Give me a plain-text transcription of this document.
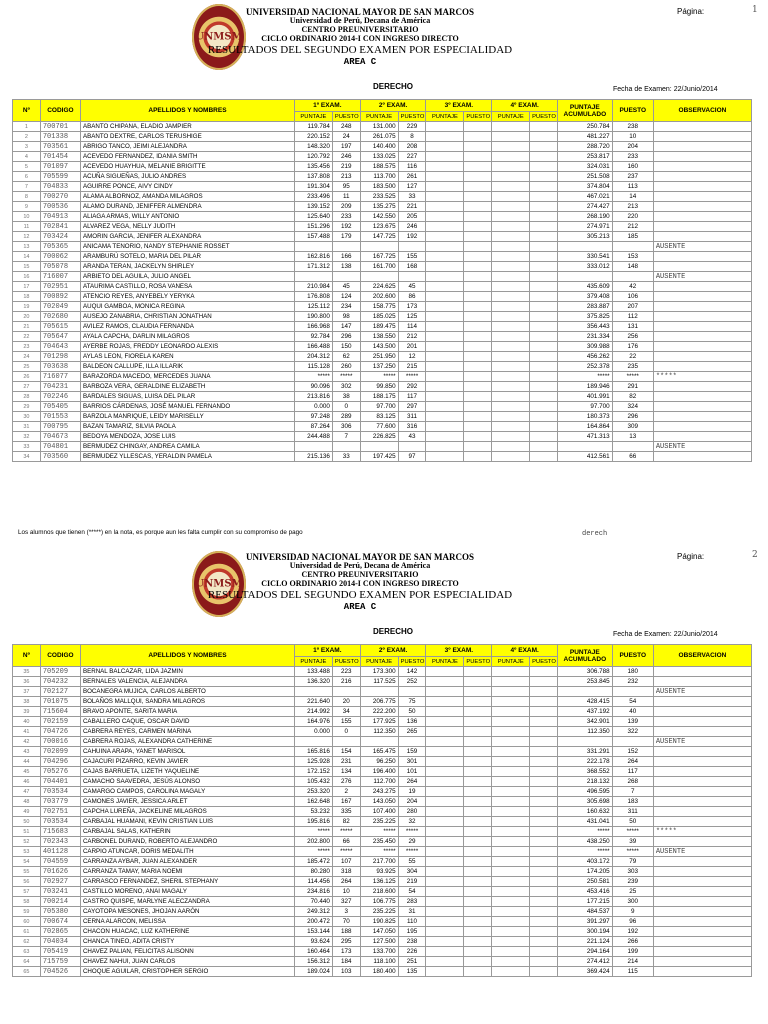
UNMSM
Página:	1
UNIVERSIDAD NACIONAL MAYOR DE SAN MARCOS
Universidad de Perú, Decana de América
CENTRO PREUNIVERSITARIO
CICLO ORDINARIO 2014-I CON INGRESO DIRECTO
RESULTADOS DEL SEGUNDO EXAMEN POR ESPECIALIDAD
AREA C
DERECHO	Fecha de Examen: 22/Junio/2014
Nº	CODIGO	APELLIDOS Y NOMBRES	1º EXAM.		2º EXAM.		3º EXAM.		4º EXAM.		PUNTAJE ACUMULADO	PUESTO	OBSERVACION
			PUNTAJE	PUESTO	PUNTAJE	PUESTO	PUNTAJE	PUESTO	PUNTAJE	PUESTO			
1	700701	ABANTO CHIPANA, ELADIO JAMPIER	119.784	248	131.000	229					250.784	238	
2	701338	ABANTO DEXTRE, CARLOS TERUSHIGE	220.152	24	261.075	8					481.227	10	
3	703561	ABRIGO TANCO, JEIMI ALEJANDRA	148.320	197	140.400	208					288.720	204	
4	701454	ACEVEDO FERNANDEZ, IDANIA SMITH	120.792	246	133.025	227					253.817	233	
5	701097	ACEVEDO HUAYHUA, MELANIE BRIGITTE	135.456	219	188.575	116					324.031	160	
6	705599	ACUÑA SIGUEÑAS, JULIO ANDRES	137.808	213	113.700	261					251.508	237	
7	704833	AGUIRRE PONCE, AIVY CINDY	191.304	95	183.500	127					374.804	113	
8	700270	ALAMA ALBORNOZ, AMANDA MILAGROS	233.496	11	233.525	33					467.021	14	
9	700536	ALAMO DURAND, JENIFFER ALMENDRA	139.152	209	135.275	221					274.427	213	
10	704913	ALIAGA ARMAS, WILLY ANTONIO	125.640	233	142.550	205					268.190	220	
11	702841	ALVAREZ VEGA, NELLY JUDITH	151.296	192	123.675	246					274.971	212	
12	703424	AMORIN GARCIA, JENIFER ALEXANDRA	157.488	179	147.725	192					305.213	185	
13	705365	ANICAMA TENORIO, NANDY STEPHANIE ROSSET											AUSENTE
14	700062	ARAMBURÚ SOTELO, MARIA DEL PILAR	162.816	166	167.725	155					330.541	153	
15	705078	ARANDA TERAN, JACKELYN SHIRLEY	171.312	138	161.700	168					333.012	148	
16	716007	ARBIETO DEL AGUILA, JULIO ANGEL											AUSENTE
17	702951	ATAURIMA CASTILLO, ROSA VANESA	210.984	45	224.625	45					435.609	42	
18	700892	ATENCIO REYES, ANYEBELY YERYKA	176.808	124	202.600	86					379.408	106	
19	702049	AUQUI GAMBOA, MONICA REGINA	125.112	234	158.775	173					283.887	207	
20	702680	AUSEJO ZANABRIA, CHRISTIAN JONATHAN	190.800	98	185.025	125					375.825	112	
21	705615	AVILEZ RAMOS, CLAUDIA FERNANDA	166.968	147	189.475	114					356.443	131	
22	705647	AYALA CAPCHA, DARLIN MILAGROS	92.784	296	138.550	212					231.334	256	
23	704643	AYERBE ROJAS, FREDDY LEONARDO ALEXIS	166.488	150	143.500	201					309.988	176	
24	701298	AYLAS LEON, FIORELA KAREN	204.312	62	251.950	12					456.262	22	
25	703638	BALDEON CALLUPE, ILLA ILLARIK	115.128	260	137.250	215					252.378	235	
26	716077	BARAZORDA MACEDO, MERCEDES JUANA	*****	*****	*****	*****					*****	*****	*****
27	704231	BARBOZA VERA, GERALDINE ELIZABETH	90.096	302	99.850	292					189.946	291	
28	702246	BARDALES SIGUAS, LUISA DEL PILAR	213.816	38	188.175	117					401.991	82	
29	705405	BARRIOS CÁRDENAS, JOSÉ MANUEL FERNANDO	0.000	0	97.700	297					97.700	324	
30	701553	BARZOLA MANRIQUE, LEIDY MARISELLY	97.248	289	83.125	311					180.373	296	
31	700795	BAZAN TAMARIZ, SILVIA PAOLA	87.264	306	77.600	316					164.864	309	
32	704673	BEDOYA MENDOZA, JOSE LUIS	244.488	7	226.825	43					471.313	13	
33	704801	BERMUDEZ CHINGAY, ANDREA CAMILA											AUSENTE
34	703560	BERMUDEZ YLLESCAS, YERALDIN PAMELA	215.136	33	197.425	97					412.561	66	
Los alumnos que tienen (*****) en la nota, es porque aun les falta cumplir con su compromiso de pago	derech
UNMSM
Página:	2
UNIVERSIDAD NACIONAL MAYOR DE SAN MARCOS
Universidad de Perú, Decana de América
CENTRO PREUNIVERSITARIO
CICLO ORDINARIO 2014-I CON INGRESO DIRECTO
RESULTADOS DEL SEGUNDO EXAMEN POR ESPECIALIDAD
AREA C
DERECHO	Fecha de Examen: 22/Junio/2014
Nº	CODIGO	APELLIDOS Y NOMBRES	1º EXAM.		2º EXAM.		3º EXAM.		4º EXAM.		PUNTAJE ACUMULADO	PUESTO	OBSERVACION
			PUNTAJE	PUESTO	PUNTAJE	PUESTO	PUNTAJE	PUESTO	PUNTAJE	PUESTO			
35	705209	BERNAL BALCAZAR, LIDA JAZMIN	133.488	223	173.300	142					306.788	180	
36	704232	BERNALES VALENCIA, ALEJANDRA	136.320	216	117.525	252					253.845	232	
37	702127	BOCANEGRA MUJICA, CARLOS ALBERTO											AUSENTE
38	701075	BOLAÑOS MALLQUI, SANDRA MILAGROS	221.640	20	206.775	75					428.415	54	
39	715604	BRAVO APONTE, SARITA MARIA	214.992	34	222.200	50					437.192	40	
40	702159	CABALLERO CAQUE, OSCAR DAVID	164.976	155	177.925	136					342.901	139	
41	704726	CABRERA REYES, CARMEN MARINA	0.000	0	112.350	265					112.350	322	
42	700016	CABRERA ROJAS, ALEXANDRA CATHERINE											AUSENTE
43	702099	CAHUINA ARAPA, YANET MARISOL	165.816	154	165.475	159					331.291	152	
44	704296	CAJACURI PIZARRO, KEVIN JAVIER	125.928	231	96.250	301					222.178	264	
45	705276	CAJAS BARRUETA, LIZETH YAQUELINE	172.152	134	196.400	101					368.552	117	
46	704401	CAMACHO SAAVEDRA, JESÚS ALONSO	105.432	276	112.700	264					218.132	268	
47	703534	CAMARGO CAMPOS, CAROLINA MAGALY	253.320	2	243.275	19					496.595	7	
48	703779	CAMONES JAVIER, JESSICA ARLET	162.648	167	143.050	204					305.698	183	
49	702751	CAPCHA LUREÑA, JACKELINE MILAGROS	53.232	335	107.400	280					160.632	311	
50	703534	CARBAJAL HUAMANI, KEVIN CRISTIAN LUIS	195.816	82	235.225	32					431.041	50	
51	715683	CARBAJAL SALAS, KATHERIN	*****	*****	*****	*****					*****	*****	*****
52	702343	CARBONEL DURAND, ROBERTO ALEJANDRO	202.800	66	235.450	29					438.250	39	
53	401128	CARPIO ATUNCAR, DORIS MEDALITH	*****	*****	*****	*****					*****	*****	AUSENTE
54	704559	CARRANZA AYBAR, JUAN ALEXANDER	185.472	107	217.700	55					403.172	79	
55	701626	CARRANZA TAMAY, MARIA NOEMI	80.280	318	93.925	304					174.205	303	
56	702927	CARRASCO FERNANDEZ, SHERIL STEPHANY	114.456	264	136.125	219					250.581	239	
57	703241	CASTILLO MORENO, ANAI MAGALY	234.816	10	218.600	54					453.416	25	
58	700214	CASTRO QUISPE, MARLYNE ALECZANDRA	70.440	327	106.775	283					177.215	300	
59	705380	CAYOTOPA MESONES, JHOJAN AARÓN	249.312	3	235.225	31					484.537	9	
60	700674	CERNA ALARCON, MELISSA	200.472	70	190.825	110					391.297	96	
61	702865	CHACON HUACAC, LUZ KATHERINE	153.144	188	147.050	195					300.194	192	
62	704034	CHANCA TINEO, ADITA CRISTY	93.624	295	127.500	238					221.124	266	
63	705419	CHAVEZ PALIAN, FELICITAS ALISONN	160.464	173	133.700	226					294.164	199	
64	715759	CHAVEZ NAHUI, JUAN CARLOS	156.312	184	118.100	251					274.412	214	
65	704526	CHOQUE AGUILAR, CRISTOPHER SERGIO	189.024	103	180.400	135					369.424	115	
